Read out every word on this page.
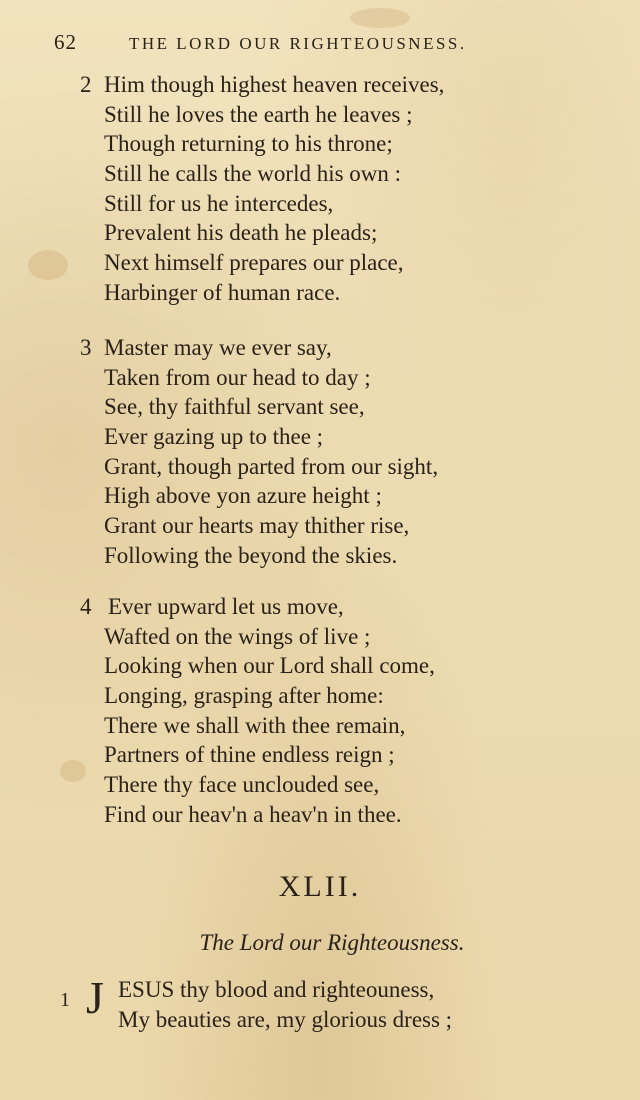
62	THE LORD OUR RIGHTEOUSNESS.
2 Him though highest heaven receives,
Still he loves the earth he leaves ;
Though returning to his throne;
Still he calls the world his own :
Still for us he intercedes,
Prevalent his death he pleads;
Next himself prepares our place,
Harbinger of human race.
3 Master may we ever say,
Taken from our head to day ;
See, thy faithful servant see,
Ever gazing up to thee ;
Grant, though parted from our sight,
High above yon azure height ;
Grant our hearts may thither rise,
Following the beyond the skies.
4 Ever upward let us move,
Wafted on the wings of live ;
Looking when our Lord shall come,
Longing, grasping after home:
There we shall with thee remain,
Partners of thine endless reign ;
There thy face unclouded see,
Find our heav'n a heav'n in thee.
XLII.
The Lord our Righteousness.
1 J ESUS thy blood and righteouness,
My beauties are, my glorious dress ;
